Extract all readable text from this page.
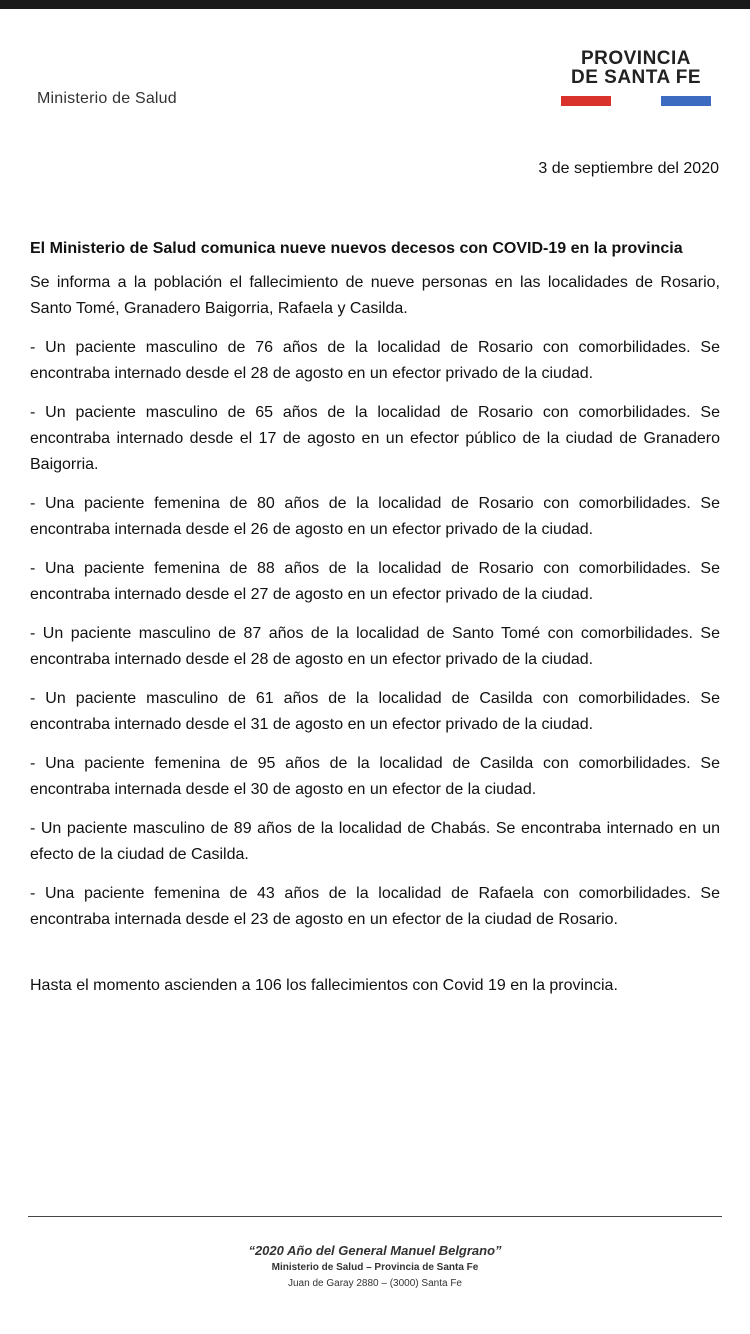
Ministerio de Salud
PROVINCIA
DE SANTA FE
3 de septiembre del 2020

El Ministerio de Salud comunica nueve nuevos decesos con COVID-19 en la provincia

Se informa a la población el fallecimiento de nueve personas en las localidades de Rosario, Santo Tomé, Granadero Baigorria, Rafaela y Casilda.

- Un paciente masculino de 76 años de la localidad de Rosario con comorbilidades. Se encontraba internado desde el 28 de agosto en un efector privado de la ciudad.

- Un paciente masculino de 65 años de la localidad de Rosario con comorbilidades. Se encontraba internado desde el 17 de agosto en un efector público de la ciudad de Granadero Baigorria.

- Una paciente femenina de 80 años de la localidad de Rosario con comorbilidades. Se encontraba internada desde el 26 de agosto en un efector privado de la ciudad.

- Una paciente femenina de 88 años de la localidad de Rosario con comorbilidades. Se encontraba internado desde el 27 de agosto en un efector privado de la ciudad.

- Un paciente masculino de 87 años de la localidad de Santo Tomé con comorbilidades. Se encontraba internado desde el 28 de agosto en un efector privado de la ciudad.

- Un paciente masculino de 61 años de la localidad de Casilda con comorbilidades. Se encontraba internado desde el 31 de agosto en un efector privado de la ciudad.

- Una paciente femenina de 95 años de la localidad de Casilda con comorbilidades. Se encontraba internada desde el 30 de agosto en un efector de la ciudad.

- Un paciente masculino de 89 años de la localidad de Chabás. Se encontraba internado en un efecto de la ciudad de Casilda.

- Una paciente femenina de 43 años de la localidad de Rafaela con comorbilidades. Se encontraba internada desde el 23 de agosto en un efector de la ciudad de Rosario.

Hasta el momento ascienden a 106 los fallecimientos con Covid 19 en la provincia.

“2020 Año del General Manuel Belgrano”
Ministerio de Salud – Provincia de Santa Fe
Juan de Garay 2880 – (3000) Santa Fe
